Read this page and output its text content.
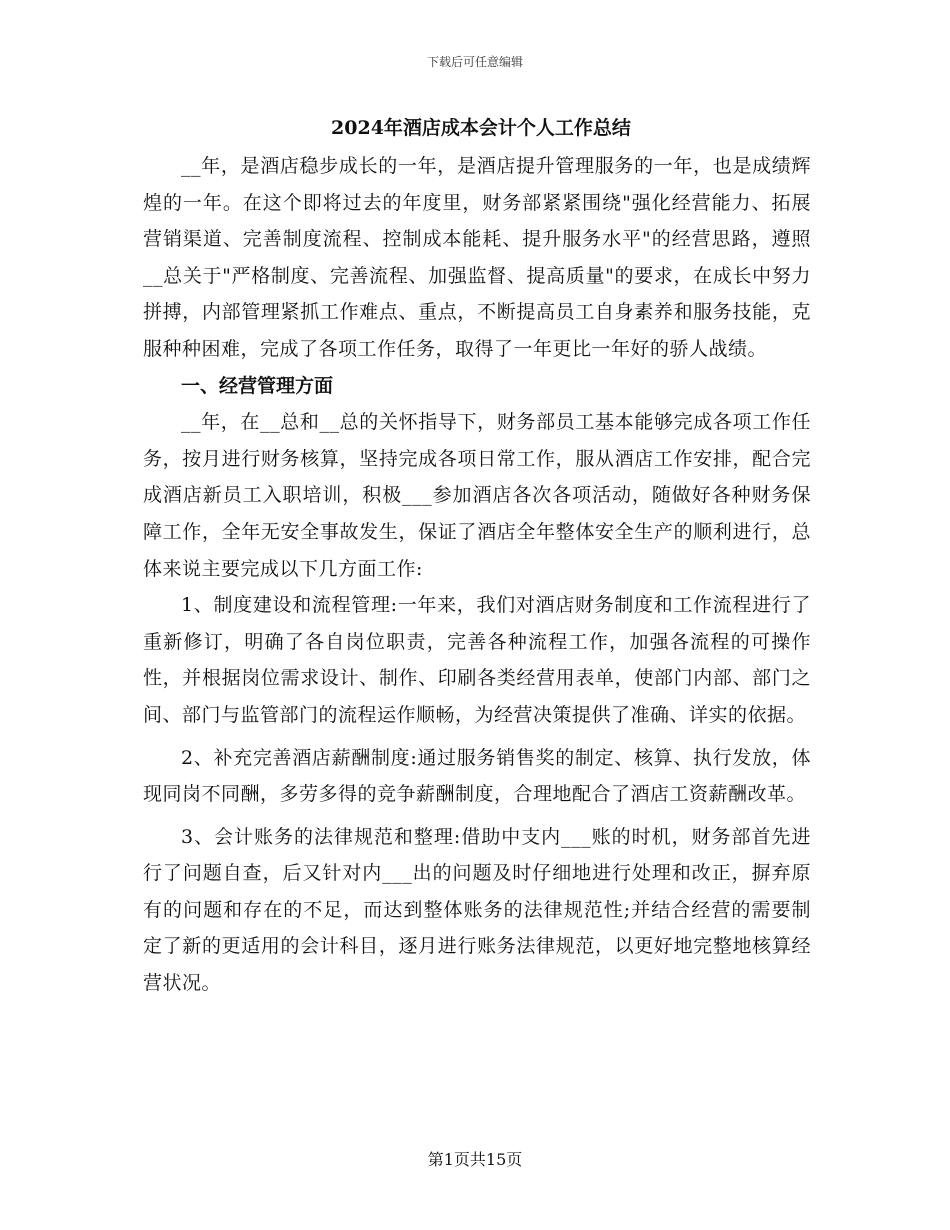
下载后可任意编辑
2024年酒店成本会计个人工作总结

__年，是酒店稳步成长的一年，是酒店提升管理服务的一年，也是成绩辉煌的一年。在这个即将过去的年度里，财务部紧紧围绕"强化经营能力、拓展营销渠道、完善制度流程、控制成本能耗、提升服务水平"的经营思路，遵照__总关于"严格制度、完善流程、加强监督、提高质量"的要求，在成长中努力拼搏，内部管理紧抓工作难点、重点，不断提高员工自身素养和服务技能，克服种种困难，完成了各项工作任务，取得了一年更比一年好的骄人战绩。

一、经营管理方面

__年，在__总和__总的关怀指导下，财务部员工基本能够完成各项工作任务，按月进行财务核算，坚持完成各项日常工作，服从酒店工作安排，配合完成酒店新员工入职培训，积极___参加酒店各次各项活动，随做好各种财务保障工作，全年无安全事故发生，保证了酒店全年整体安全生产的顺利进行，总体来说主要完成以下几方面工作:

1、制度建设和流程管理:一年来，我们对酒店财务制度和工作流程进行了重新修订，明确了各自岗位职责，完善各种流程工作，加强各流程的可操作性，并根据岗位需求设计、制作、印刷各类经营用表单，使部门内部、部门之间、部门与监管部门的流程运作顺畅，为经营决策提供了准确、详实的依据。

2、补充完善酒店薪酬制度:通过服务销售奖的制定、核算、执行发放，体现同岗不同酬，多劳多得的竞争薪酬制度，合理地配合了酒店工资薪酬改革。

3、会计账务的法律规范和整理:借助中支内___账的时机，财务部首先进行了问题自查，后又针对内___出的问题及时仔细地进行处理和改正，摒弃原有的问题和存在的不足，而达到整体账务的法律规范性;并结合经营的需要制定了新的更适用的会计科目，逐月进行账务法律规范，以更好地完整地核算经营状况。

第1页共15页
